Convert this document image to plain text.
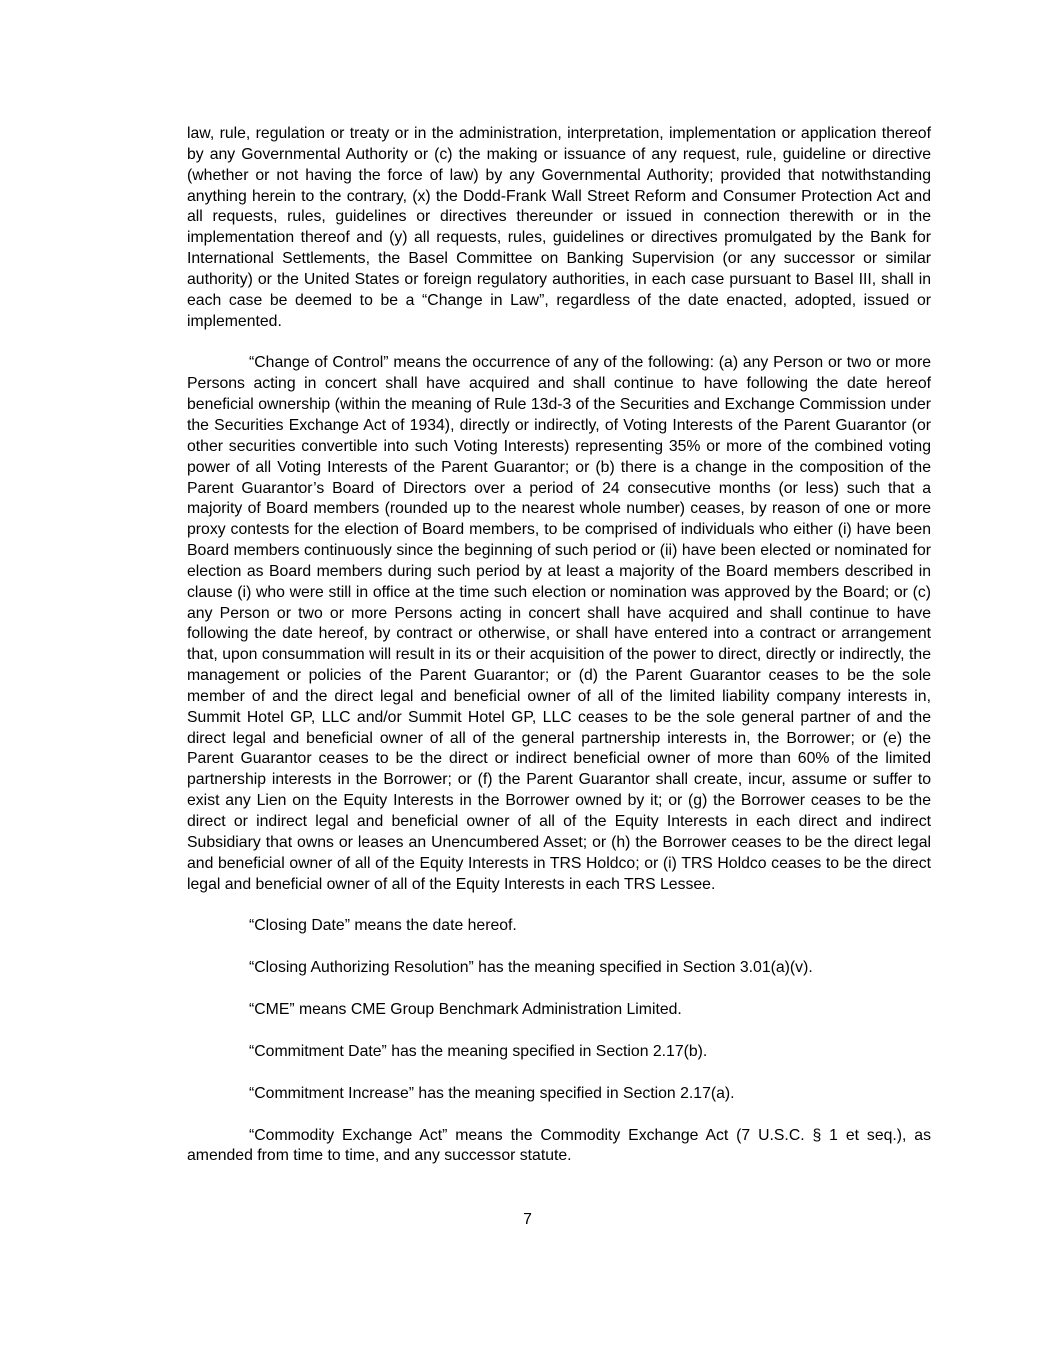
law, rule, regulation or treaty or in the administration, interpretation, implementation or application thereof by any Governmental Authority or (c) the making or issuance of any request, rule, guideline or directive (whether or not having the force of law) by any Governmental Authority; provided that notwithstanding anything herein to the contrary, (x) the Dodd-Frank Wall Street Reform and Consumer Protection Act and all requests, rules, guidelines or directives thereunder or issued in connection therewith or in the implementation thereof and (y) all requests, rules, guidelines or directives promulgated by the Bank for International Settlements, the Basel Committee on Banking Supervision (or any successor or similar authority) or the United States or foreign regulatory authorities, in each case pursuant to Basel III, shall in each case be deemed to be a “Change in Law”, regardless of the date enacted, adopted, issued or implemented.

“Change of Control” means the occurrence of any of the following: (a) any Person or two or more Persons acting in concert shall have acquired and shall continue to have following the date hereof beneficial ownership (within the meaning of Rule 13d-3 of the Securities and Exchange Commission under the Securities Exchange Act of 1934), directly or indirectly, of Voting Interests of the Parent Guarantor (or other securities convertible into such Voting Interests) representing 35% or more of the combined voting power of all Voting Interests of the Parent Guarantor; or (b) there is a change in the composition of the Parent Guarantor’s Board of Directors over a period of 24 consecutive months (or less) such that a majority of Board members (rounded up to the nearest whole number) ceases, by reason of one or more proxy contests for the election of Board members, to be comprised of individuals who either (i) have been Board members continuously since the beginning of such period or (ii) have been elected or nominated for election as Board members during such period by at least a majority of the Board members described in clause (i) who were still in office at the time such election or nomination was approved by the Board; or (c) any Person or two or more Persons acting in concert shall have acquired and shall continue to have following the date hereof, by contract or otherwise, or shall have entered into a contract or arrangement that, upon consummation will result in its or their acquisition of the power to direct, directly or indirectly, the management or policies of the Parent Guarantor; or (d) the Parent Guarantor ceases to be the sole member of and the direct legal and beneficial owner of all of the limited liability company interests in, Summit Hotel GP, LLC and/or Summit Hotel GP, LLC ceases to be the sole general partner of and the direct legal and beneficial owner of all of the general partnership interests in, the Borrower; or (e) the Parent Guarantor ceases to be the direct or indirect beneficial owner of more than 60% of the limited partnership interests in the Borrower; or (f) the Parent Guarantor shall create, incur, assume or suffer to exist any Lien on the Equity Interests in the Borrower owned by it; or (g) the Borrower ceases to be the direct or indirect legal and beneficial owner of all of the Equity Interests in each direct and indirect Subsidiary that owns or leases an Unencumbered Asset; or (h) the Borrower ceases to be the direct legal and beneficial owner of all of the Equity Interests in TRS Holdco; or (i) TRS Holdco ceases to be the direct legal and beneficial owner of all of the Equity Interests in each TRS Lessee.

“Closing Date” means the date hereof.

“Closing Authorizing Resolution” has the meaning specified in Section 3.01(a)(v).

“CME” means CME Group Benchmark Administration Limited.

“Commitment Date” has the meaning specified in Section 2.17(b).

“Commitment Increase” has the meaning specified in Section 2.17(a).

“Commodity Exchange Act” means the Commodity Exchange Act (7 U.S.C. § 1 et seq.), as amended from time to time, and any successor statute.

7
